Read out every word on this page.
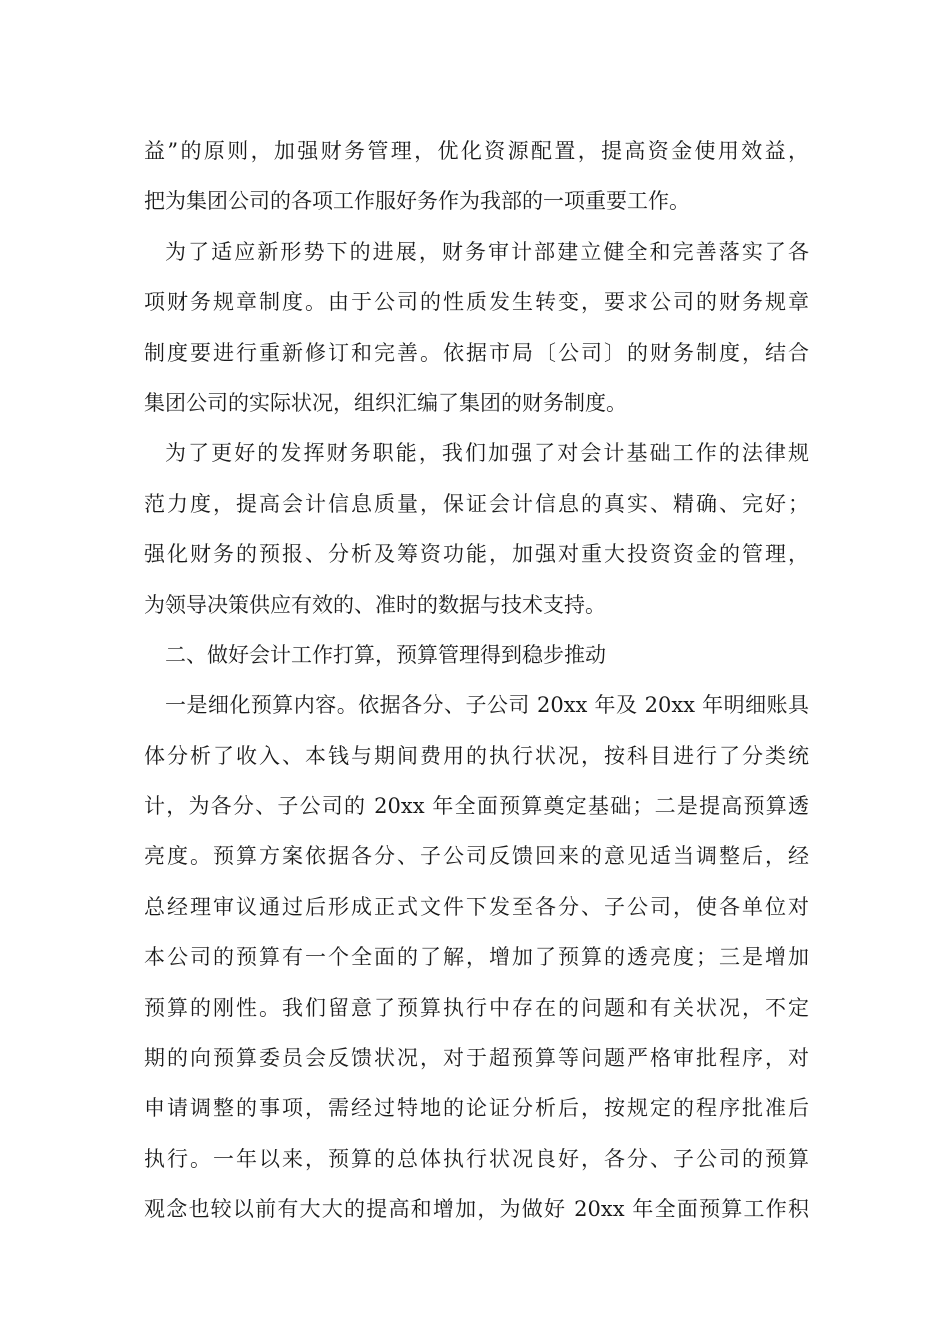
益”的原则，加强财务管理，优化资源配置，提高资金使用效益，
把为集团公司的各项工作服好务作为我部的一项重要工作。
为了适应新形势下的进展，财务审计部建立健全和完善落实了各
项财务规章制度。由于公司的性质发生转变，要求公司的财务规章
制度要进行重新修订和完善。依据市局〔公司〕的财务制度，结合
集团公司的实际状况，组织汇编了集团的财务制度。
为了更好的发挥财务职能，我们加强了对会计基础工作的法律规
范力度，提高会计信息质量，保证会计信息的真实、精确、完好；
强化财务的预报、分析及筹资功能，加强对重大投资资金的管理，
为领导决策供应有效的、准时的数据与技术支持。
二、做好会计工作打算，预算管理得到稳步推动
一是细化预算内容。依据各分、子公司 20xx 年及 20xx 年明细账具
体分析了收入、本钱与期间费用的执行状况，按科目进行了分类统
计，为各分、子公司的 20xx 年全面预算奠定基础；二是提高预算透
亮度。预算方案依据各分、子公司反馈回来的意见适当调整后，经
总经理审议通过后形成正式文件下发至各分、子公司，使各单位对
本公司的预算有一个全面的了解，增加了预算的透亮度；三是增加
预算的刚性。我们留意了预算执行中存在的问题和有关状况，不定
期的向预算委员会反馈状况，对于超预算等问题严格审批程序，对
申请调整的事项，需经过特地的论证分析后，按规定的程序批准后
执行。一年以来，预算的总体执行状况良好，各分、子公司的预算
观念也较以前有大大的提高和增加，为做好 20xx 年全面预算工作积
